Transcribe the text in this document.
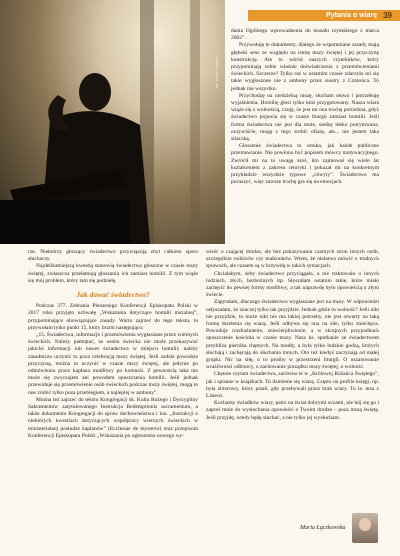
fot. Karol Pruszko
Pytania o wiarę 39

dania Ogólnego wprowadzenia do mszału rzymskiego z marca 2002”.

Przywołuję te dokumenty, dlatego że wspomniane zasady mają głęboki sens ze względu na istotę mszy świętej i jej przyczynę konstrukcję. Ale tu wśród naszych czytelników, który przypominają sobie właśnie doświadczenia z przemówieniami świeckich. Szczerze? Tylko raz w ostatnim czasie zdarzyło mi się takie wygłoszone nie z ambony przez siostry z Czmońca. To jednak nie wszystko.

Przychodzę na niedzielną mszę, słucham słowa i potrzebuję wyjaśnienia. Homilię głosi tylko ktoś przygotowany. Nasza wiara wiąże się z wolnością, czuję, że jest mi ona trochę potrzebna, gdyż świadectwo pojawia się w czasie liturgii zamiast homilii. Jeśli forma świadectwa nie jest dla mnie, siedzę lekko poirytowana, oczywiście, mogę z tego zrobić ofiarę, ale... nie jestem taka silaczką.

Głoszenie świadectwa to sztuka, jak każde publiczne przemawianie. Nie powinno być popisem mówcy motywacyjnego. Zwróćił mi na to uwagę ktoś, kto zajmował się wiele lat kształceniem z zakresu retoryki i pokazał mi na konkretnym przykładzie wszystkie typowe „chwyty”. Świadectwo ma poruszyć, więc zawsze trochę gra się na emocjach.

rze. Niektórzy głoszący świadectwo przywiązują zbyt całkiem sporo słuchaczy.

Najdelikatniejszą kwestią stanowią świadectwa głoszone w czasie mszy świętej, zwłaszcza przełamują głoszaniu ich zamiast homilii. Z tym wiąże się mój problem, który tam się podzielę.

Jak dawać świadectwo?

Podczas 377. Zebrania Plenarnego Konferencji Episkopatu Polski w 2017 roku przyjęto uchwałę „Wskazania dotyczące homilii mszalnej”, przypominające obowiązujące zasady. Warto zajrzeć do tego tekstu, tu przywołam tylko punkt 15, który brzmi następująco:

„15. Świadectwa, informacje i przemówienia wygłaszane przez wiernych świeckich. Należy pamiętać, że osoba świecka nie może przekazywać jakichś informacji lub nawet świadectwa w miejscu homilii; należy zasadniczo uczynić to poza celebracją mszy świętej. Jeśli zadzie powodzie przyczyną, można to uczynić w czasie mszy świętej, ale jedynie po odmówieniu przez kapłana modlitwy po komunii. Z pewnością taka nie może się zwyczajem ani powodem opuszczenia homilii. Jeśli jednak przewiduje się przemówienie osób świeckich podczas mszy świętej, mogą to one zrobić tylko poza przebiegiem, a najlepiej w ambony”.

Można też zajrzeć do tekstu Kongregacji ds. Kultu Bożego i Dyscypliny Sakramentów zatytułowanego Instrukcja Redemptionis sacramentum, a także dokumentu Kongregacji do spraw duchowieństwa i inn. „Instrukcji o niektórych kwestiach dotyczących współpracy wiernych świeckich w ministerialnej posłudze kapłanów” (Ecclesiae de mysterio) oraz przepisom Konferencji Episkopatu Polski „Wskazania po ogłoszeniu nowego wy-

wieść o czającej drodze, ale bez pokazywania czarnych stron innych osób, szczególnie rodziców czy małżonków. Wiem, że niełatwo mówić o trudnych sprawach, ale czasem są w krzywdą w takich sytuacjach.

Chciałabym, żeby świadectwo przyciągało, a nie traktowało o innych ludziach, złych, bezbożnych itp. Słyszałam ostatnio takie, które miało zachęcić do pewnej formy modlitwy, a tak naprawdę było opowieścią o złym świecie.

Zapytałam, dlaczego świadectwo wygłaszane jest na mszy. W odpowiedzi usłyszałam, że znaczej tylko tak przyjdzie. Jednak gdzie tu wolność? Jeśli nikt nie przyjdzie, to może nikt nie ma takiej potrzeby, nie jest otwarty na taką formę dzielenia się wiarą. Jeśli odbywa się ona na sile, tylko zniechęca. Powoduje rozdrażnienie, zniecierpliwienie, a w skrajnych przypadkach opuszczenie kościoła w czasie mszy. Nasz ks. spotkanie ze świadectwem przybliża piernika chętnych. Na modły, a była tylko ludzkie godzą, których słuchają i zachęcają do słuchania innych. Oto też kiedyś zaczynają od małej grupki. Nic na siłę, o to prośby w przestrzeni liturgii. O uszanowanie wrażliwości odbiorcy, o zachowanie porządku mszy świętej, o wolność.

Chętnie czytam świadectwa, zarówno te w „Królowej Różańca Świętego”, jak i spisane w książkach. To dzielenie się wiarą. Często na profile księgi, np. była zbiorowy, który pisali, gdy przebywali przez brak wiary. To le. teza z Lisieux.

Kochamy świadków wiary, patrz na świat dobrymi oczami, nie bój się go i zaproś mnie do wysłuchania opowieści o Twoim drodze – poza mszą świętą. Jeśli przyjdę, wtedy będę słuchać, a nie tylko jej wysłucham.

Maria Łączkowska
